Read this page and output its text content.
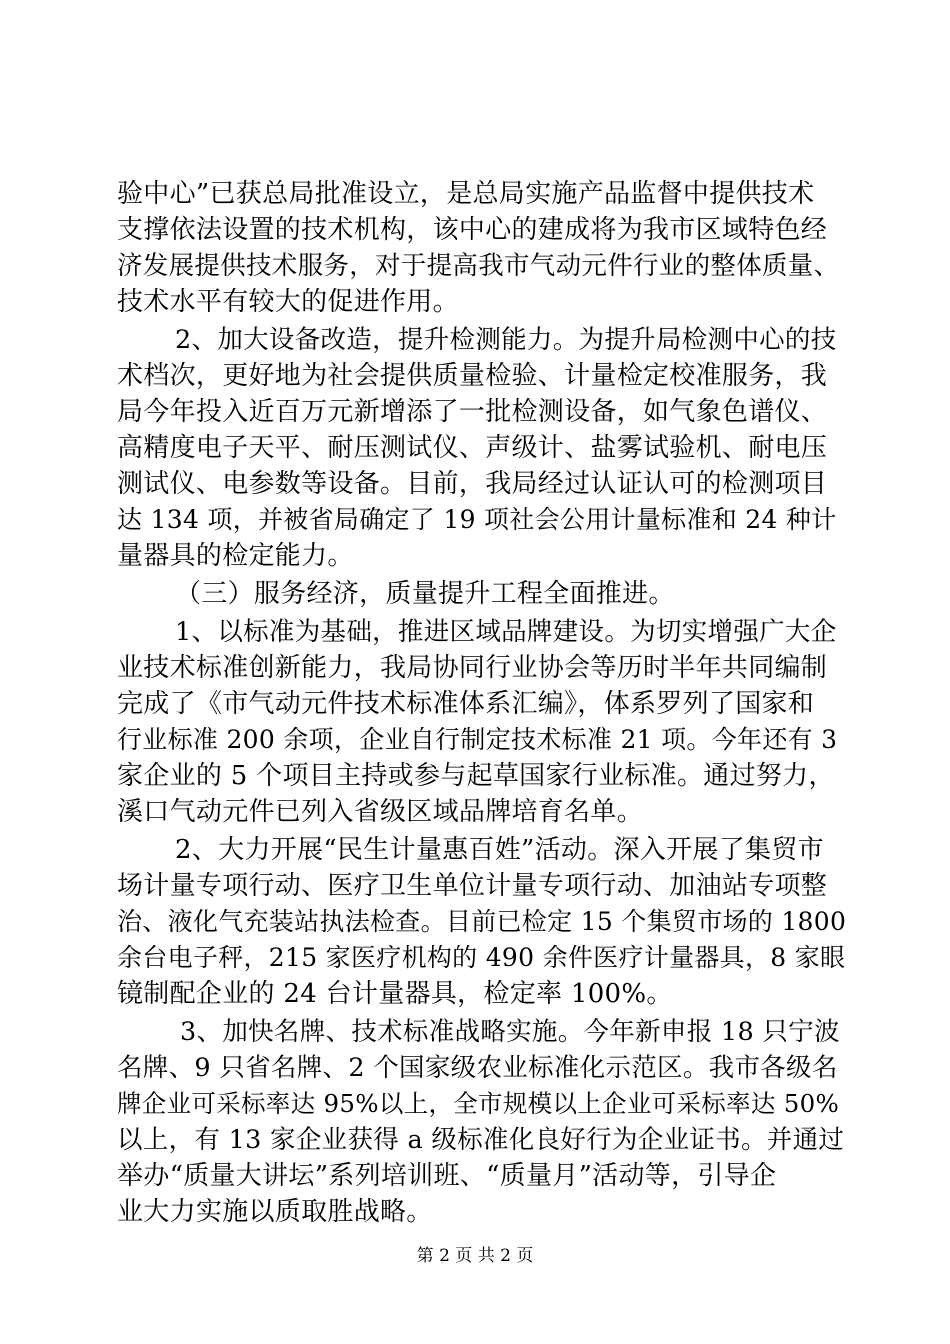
验中心”已获总局批准设立，是总局实施产品监督中提供技术
支撑依法设置的技术机构，该中心的建成将为我市区域特色经
济发展提供技术服务，对于提高我市气动元件行业的整体质量、
技术水平有较大的促进作用。
2、加大设备改造，提升检测能力。为提升局检测中心的技
术档次，更好地为社会提供质量检验、计量检定校准服务，我
局今年投入近百万元新增添了一批检测设备，如气象色谱仪、
高精度电子天平、耐压测试仪、声级计、盐雾试验机、耐电压
测试仪、电参数等设备。目前，我局经过认证认可的检测项目
达 134 项，并被省局确定了 19 项社会公用计量标准和 24 种计
量器具的检定能力。
（三）服务经济，质量提升工程全面推进。
1、以标准为基础，推进区域品牌建设。为切实增强广大企
业技术标准创新能力，我局协同行业协会等历时半年共同编制
完成了《市气动元件技术标准体系汇编》，体系罗列了国家和
行业标准 200 余项，企业自行制定技术标准 21 项。今年还有 3
家企业的 5 个项目主持或参与起草国家行业标准。通过努力，
溪口气动元件已列入省级区域品牌培育名单。
2、大力开展“民生计量惠百姓”活动。深入开展了集贸市
场计量专项行动、医疗卫生单位计量专项行动、加油站专项整
治、液化气充装站执法检查。目前已检定 15 个集贸市场的 1800
余台电子秤，215 家医疗机构的 490 余件医疗计量器具，8 家眼
镜制配企业的 24 台计量器具，检定率 100%。
3、加快名牌、技术标准战略实施。今年新申报 18 只宁波
名牌、9 只省名牌、2 个国家级农业标准化示范区。我市各级名
牌企业可采标率达 95%以上，全市规模以上企业可采标率达 50%
以上，有 13 家企业获得 a 级标准化良好行为企业证书。并通过
举办“质量大讲坛”系列培训班、“质量月”活动等，引导企
业大力实施以质取胜战略。
第 2 页 共 2 页
